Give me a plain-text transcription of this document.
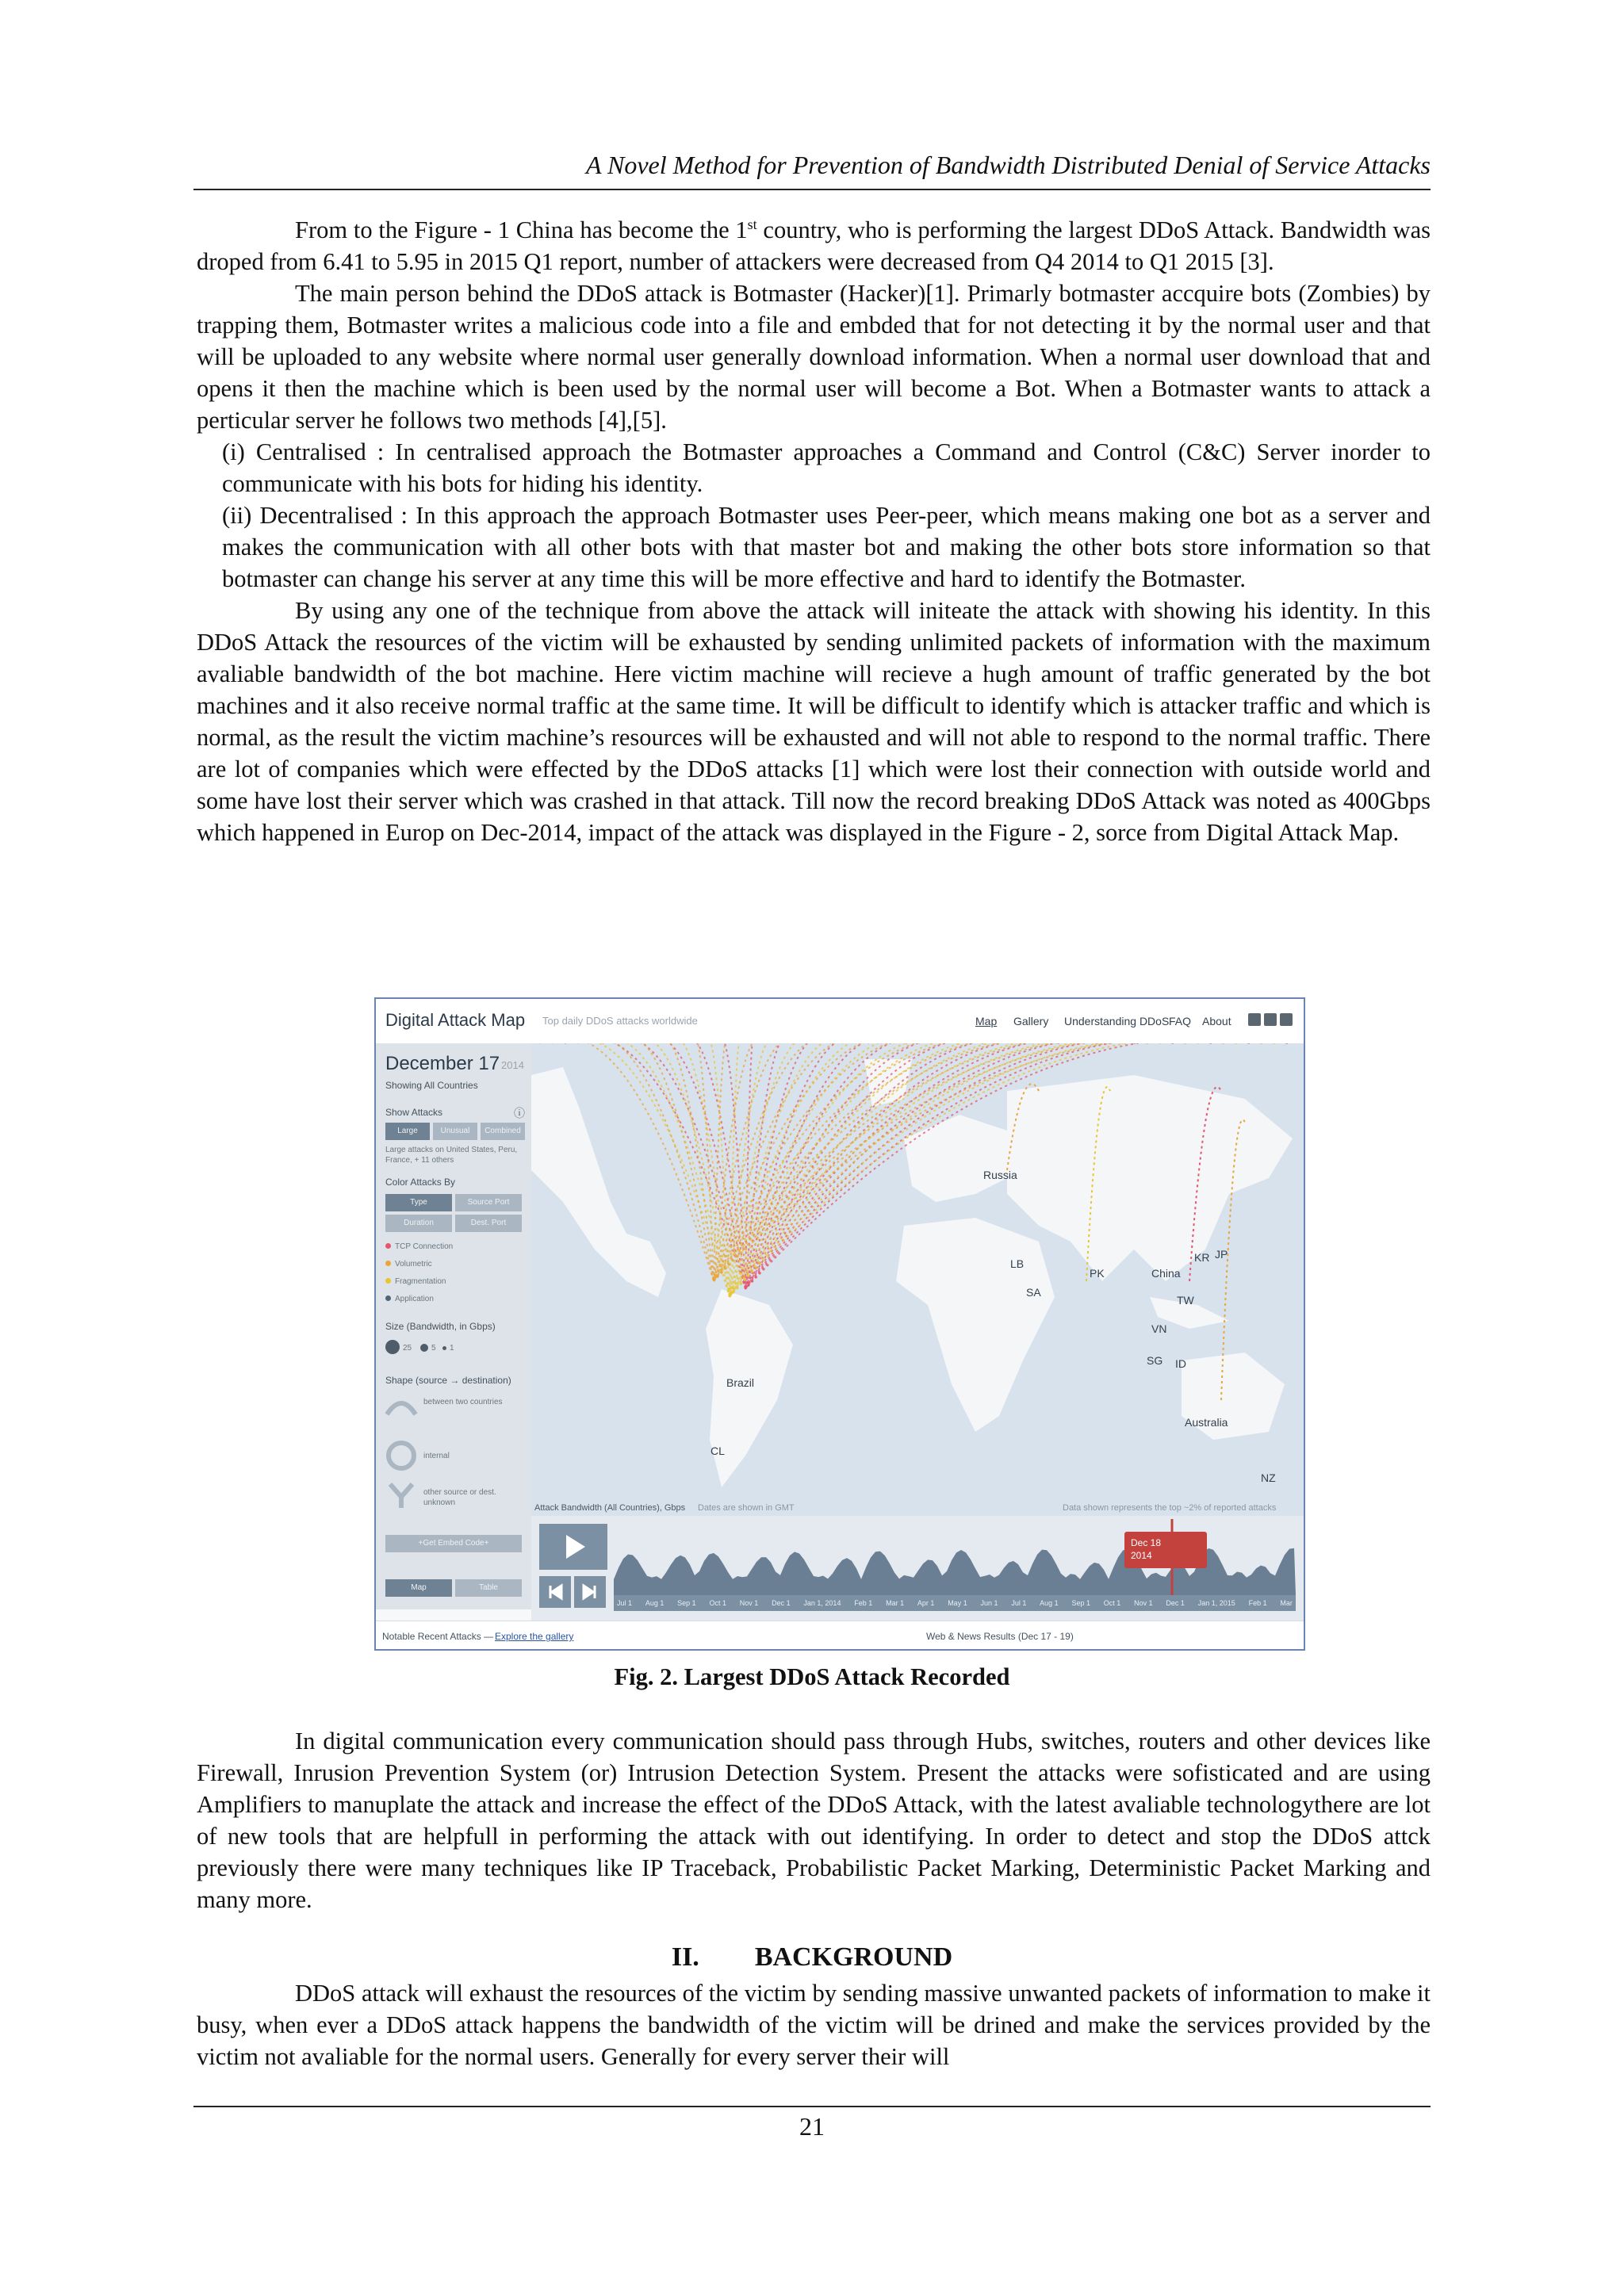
A Novel Method for Prevention of Bandwidth Distributed Denial of Service Attacks

From to the Figure - 1 China has become the 1st country, who is performing the largest DDoS Attack. Bandwidth was droped from 6.41 to 5.95 in 2015 Q1 report, number of attackers were decreased from Q4 2014 to Q1 2015 [3].

The main person behind the DDoS attack is Botmaster (Hacker)[1]. Primarly botmaster accquire bots (Zombies) by trapping them, Botmaster writes a malicious code into a file and embded that for not detecting it by the normal user and that will be uploaded to any website where normal user generally download information. When a normal user download that and opens it then the machine which is been used by the normal user will become a Bot. When a Botmaster wants to attack a perticular server he follows two methods [4],[5].

(i) Centralised : In centralised approach the Botmaster approaches a Command and Control (C&C) Server inorder to communicate with his bots for hiding his identity.

(ii) Decentralised : In this approach the approach Botmaster uses Peer-peer, which means making one bot as a server and makes the communication with all other bots with that master bot and making the other bots store information so that botmaster can change his server at any time this will be more effective and hard to identify the Botmaster.

By using any one of the technique from above the attack will initeate the attack with showing his identity. In this DDoS Attack the resources of the victim will be exhausted by sending unlimited packets of information with the maximum avaliable bandwidth of the bot machine. Here victim machine will recieve a hugh amount of traffic generated by the bot machines and it also receive normal traffic at the same time. It will be difficult to identify which is attacker traffic and which is normal, as the result the victim machine’s resources will be exhausted and will not able to respond to the normal traffic. There are lot of companies which were effected by the DDoS attacks [1] which were lost their connection with outside world and some have lost their server which was crashed in that attack. Till now the record breaking DDoS Attack was noted as 400Gbps which happened in Europ on Dec-2014, impact of the attack was displayed in the Figure - 2, sorce from Digital Attack Map.

Digital Attack Map Top daily DDoS attacks worldwide	Map Gallery Understanding DDoS FAQ About
December 17 2014
Showing All Countries
Show Attacks	ⓘ
Large	Unusual	Combined
Large attacks on United States, Peru, France, + 11 others
Color Attacks By
Type	Source Port
Duration	Dest. Port
TCP Connection
Volumetric
Fragmentation
Application
Size (Bandwidth, in Gbps)
25 5 1
Shape (source → destination)
between two countries
internal
other source or dest. unknown
+Get Embed Code+
Map	Table
Russia
KR JP
China
TW
PK
LB
SA
VN
SG ID
Brazil
Australia
NZ
CL
Attack Bandwidth (All Countries), Gbps Dates are shown in GMT	Data shown represents the top ~2% of reported attacks
Dec 18
2014
Jul 1 Aug 1 Sep 1 Oct 1 Nov 1 Dec 1 Jan 1, 2014 Feb 1 Mar 1 Apr 1 May 1 Jun 1 Jul 1 Aug 1 Sep 1 Oct 1 Nov 1 Dec 1 Jan 1, 2015 Feb 1 Mar
Notable Recent Attacks — Explore the gallery	Web & News Results (Dec 17 - 19)
Fig. 2. Largest DDoS Attack Recorded

In digital communication every communication should pass through Hubs, switches, routers and other devices like Firewall, Inrusion Prevention System (or) Intrusion Detection System. Present the attacks were sofisticated and are using Amplifiers to manuplate the attack and increase the effect of the DDoS Attack, with the latest avaliable technologythere are lot of new tools that are helpfull in performing the attack with out identifying. In order to detect and stop the DDoS attck previously there were many techniques like IP Traceback, Probabilistic Packet Marking, Deterministic Packet Marking and many more.

II. BACKGROUND

DDoS attack will exhaust the resources of the victim by sending massive unwanted packets of information to make it busy, when ever a DDoS attack happens the bandwidth of the victim will be drined and make the services provided by the victim not avaliable for the normal users. Generally for every server their will

21
